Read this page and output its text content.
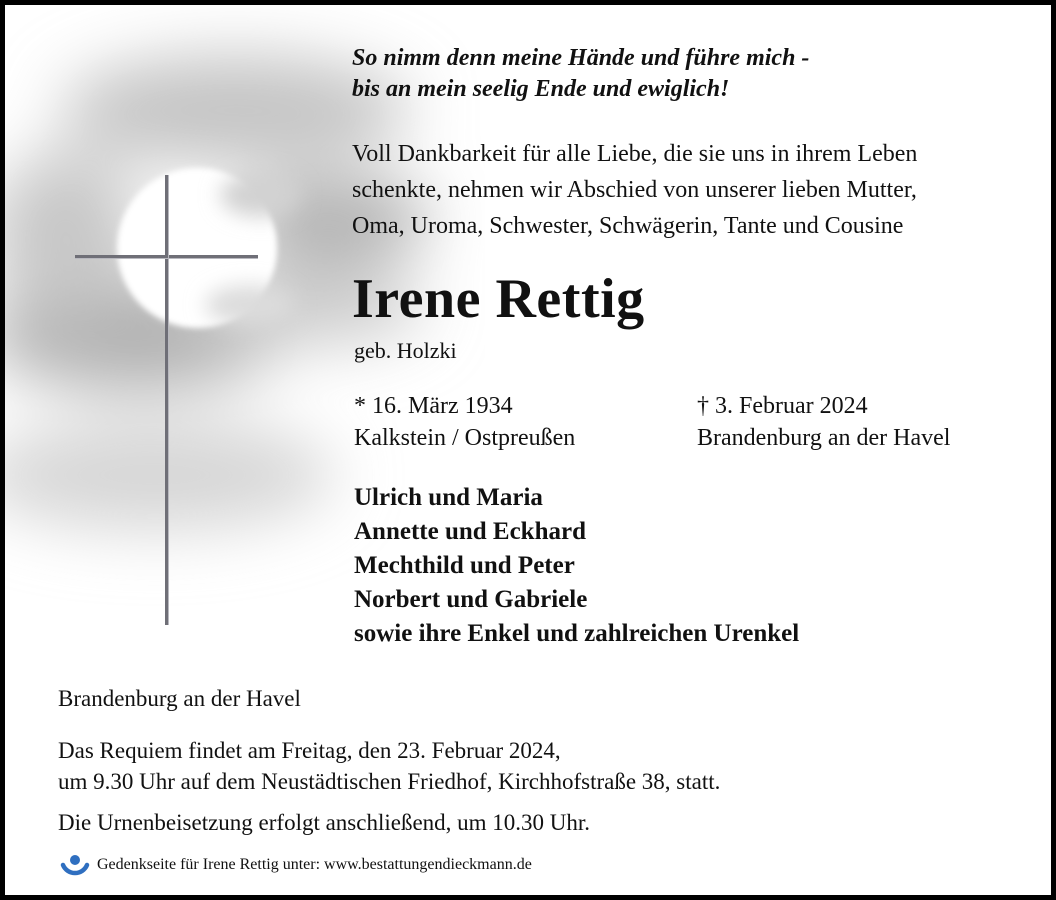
So nimm denn meine Hände und führe mich -
bis an mein seelig Ende und ewiglich!
Voll Dankbarkeit für alle Liebe, die sie uns in ihrem Leben
schenkte, nehmen wir Abschied von unserer lieben Mutter,
Oma, Uroma, Schwester, Schwägerin, Tante und Cousine
Irene Rettig
geb. Holzki
* 16. März 1934
Kalkstein / Ostpreußen
† 3. Februar 2024
Brandenburg an der Havel
Ulrich und Maria
Annette und Eckhard
Mechthild und Peter
Norbert und Gabriele
sowie ihre Enkel und zahlreichen Urenkel
Brandenburg an der Havel
Das Requiem findet am Freitag, den 23. Februar 2024,
um 9.30 Uhr auf dem Neustädtischen Friedhof, Kirchhofstraße 38, statt.
Die Urnenbeisetzung erfolgt anschließend, um 10.30 Uhr.
Gedenkseite für Irene Rettig unter: www.bestattungendieckmann.de
